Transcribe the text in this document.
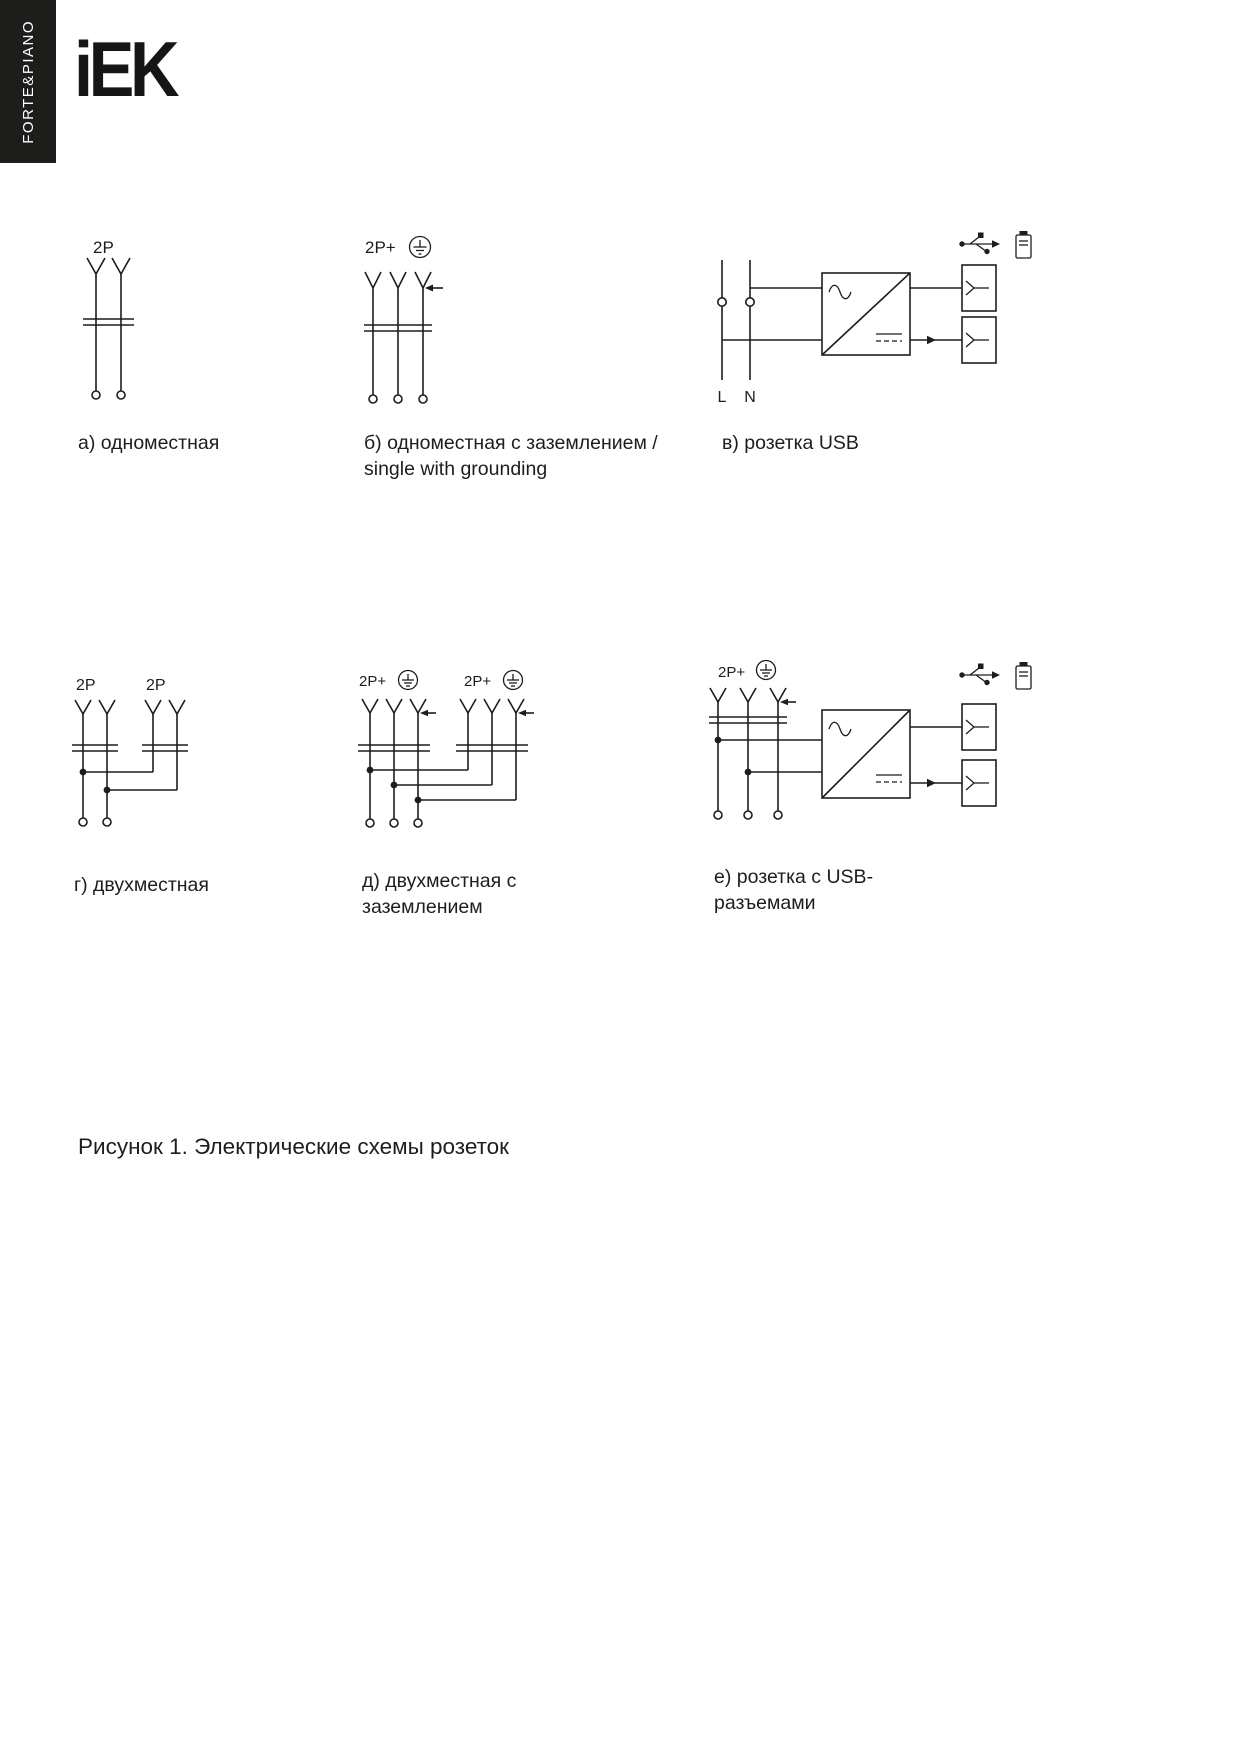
FORTE&PIANO iEK
2P
а) одноместная
2P+
б) одноместная с заземлением /
single with grounding
L N
в) розетка USB
2P	2P
г) двухместная
2P+	2P+
д) двухместная с
заземлением
2P+
е) розетка с USB-
разъемами
Рисунок 1. Электрические схемы розеток
